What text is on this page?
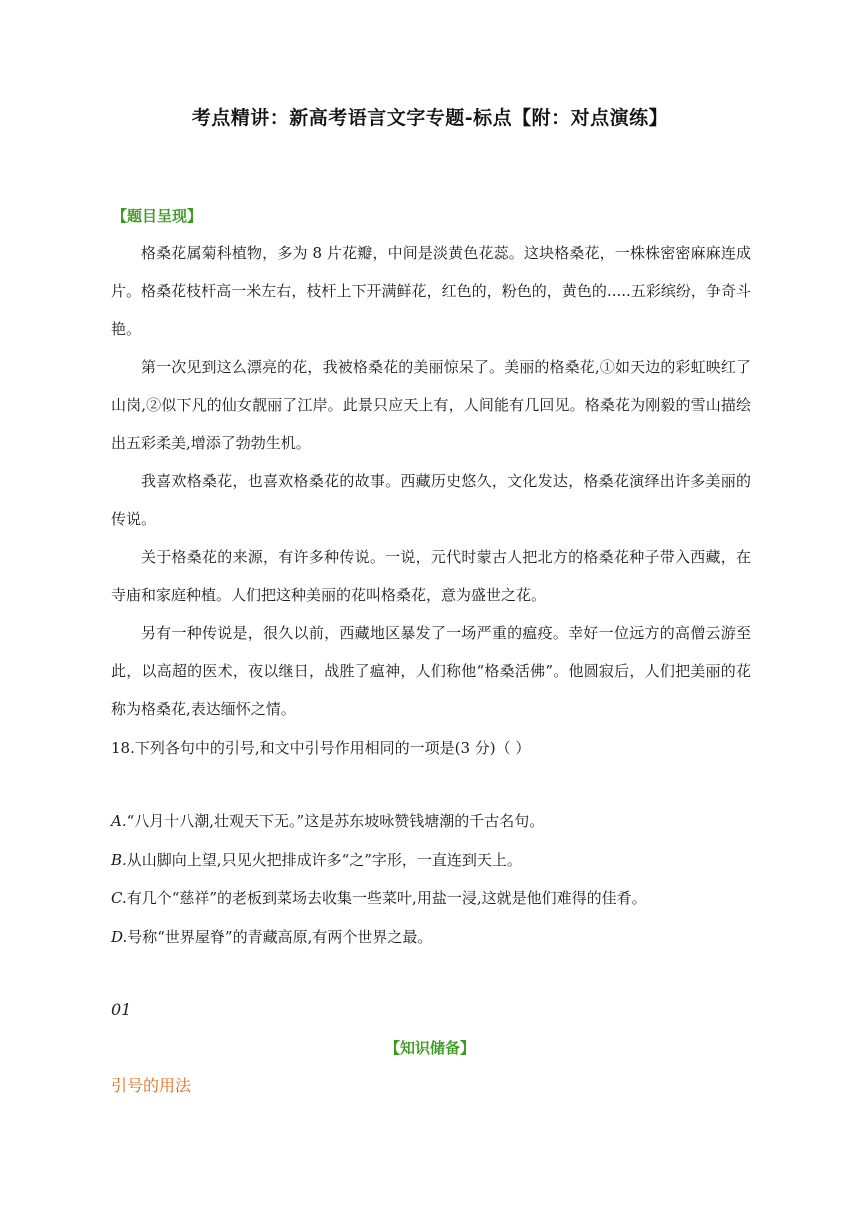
考点精讲：新高考语言文字专题-标点【附：对点演练】
【题目呈现】

格桑花属菊科植物，多为 8 片花瓣，中间是淡黄色花蕊。这块格桑花，一株株密密麻麻连成片。格桑花枝杆高一米左右，枝杆上下开满鲜花，红色的，粉色的，黄色的.....五彩缤纷，争奇斗艳。

第一次见到这么漂亮的花，我被格桑花的美丽惊呆了。美丽的格桑花,①如天边的彩虹映红了山岗,②似下凡的仙女靓丽了江岸。此景只应天上有，人间能有几回见。格桑花为刚毅的雪山描绘出五彩柔美,增添了勃勃生机。

我喜欢格桑花，也喜欢格桑花的故事。西藏历史悠久，文化发达，格桑花演绎出许多美丽的传说。

关于格桑花的来源，有许多种传说。一说，元代时蒙古人把北方的格桑花种子带入西藏，在寺庙和家庭种植。人们把这种美丽的花叫格桑花，意为盛世之花。

另有一种传说是，很久以前，西藏地区暴发了一场严重的瘟疫。幸好一位远方的高僧云游至此，以高超的医术，夜以继日，战胜了瘟神，人们称他“格桑活佛”。他圆寂后，人们把美丽的花称为格桑花,表达缅怀之情。

18.下列各句中的引号,和文中引号作用相同的一项是(3 分)（ ）

A.“八月十八潮,壮观天下无。”这是苏东坡咏赞钱塘潮的千古名句。

B.从山脚向上望,只见火把排成许多“之”字形，一直连到天上。

C.有几个“慈祥”的老板到菜场去收集一些菜叶,用盐一浸,这就是他们难得的佳肴。

D.号称“世界屋脊”的青藏高原,有两个世界之最。

01
【知识储备】
引号的用法
